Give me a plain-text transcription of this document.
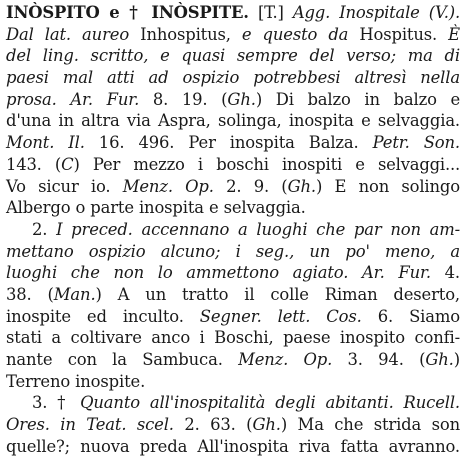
INÒSPITO e † INÒSPITE. [T.] Agg. Inospitale (V.).
Dal lat. aureo Inhospitus, e questo da Hospitus. È
del ling. scritto, e quasi sempre del verso; ma di
paesi mal atti ad ospizio potrebbesi altresì nella
prosa. Ar. Fur. 8. 19. (Gh.) Di balzo in balzo e
d'una in altra via Aspra, solinga, inospita e selvaggia.
Mont. Il. 16. 496. Per inospita Balza. Petr. Son.
143. (C) Per mezzo i boschi inospiti e selvaggi...
Vo sicur io. Menz. Op. 2. 9. (Gh.) E non solingo
Albergo o parte inospita e selvaggia.
2. I preced. accennano a luoghi che par non am-
mettano ospizio alcuno; i seg., un po' meno, a
luoghi che non lo ammettono agiato. Ar. Fur. 4.
38. (Man.) A un tratto il colle Riman deserto,
inospite ed inculto. Segner. lett. Cos. 6. Siamo
stati a coltivare anco i Boschi, paese inospito confi-
nante con la Sambuca. Menz. Op. 3. 94. (Gh.)
Terreno inospite.
3. † Quanto all'inospitalità degli abitanti. Rucell.
Ores. in Teat. scel. 2. 63. (Gh.) Ma che strida son
quelle?; nuova preda All'inospita riva fatta avranno.
